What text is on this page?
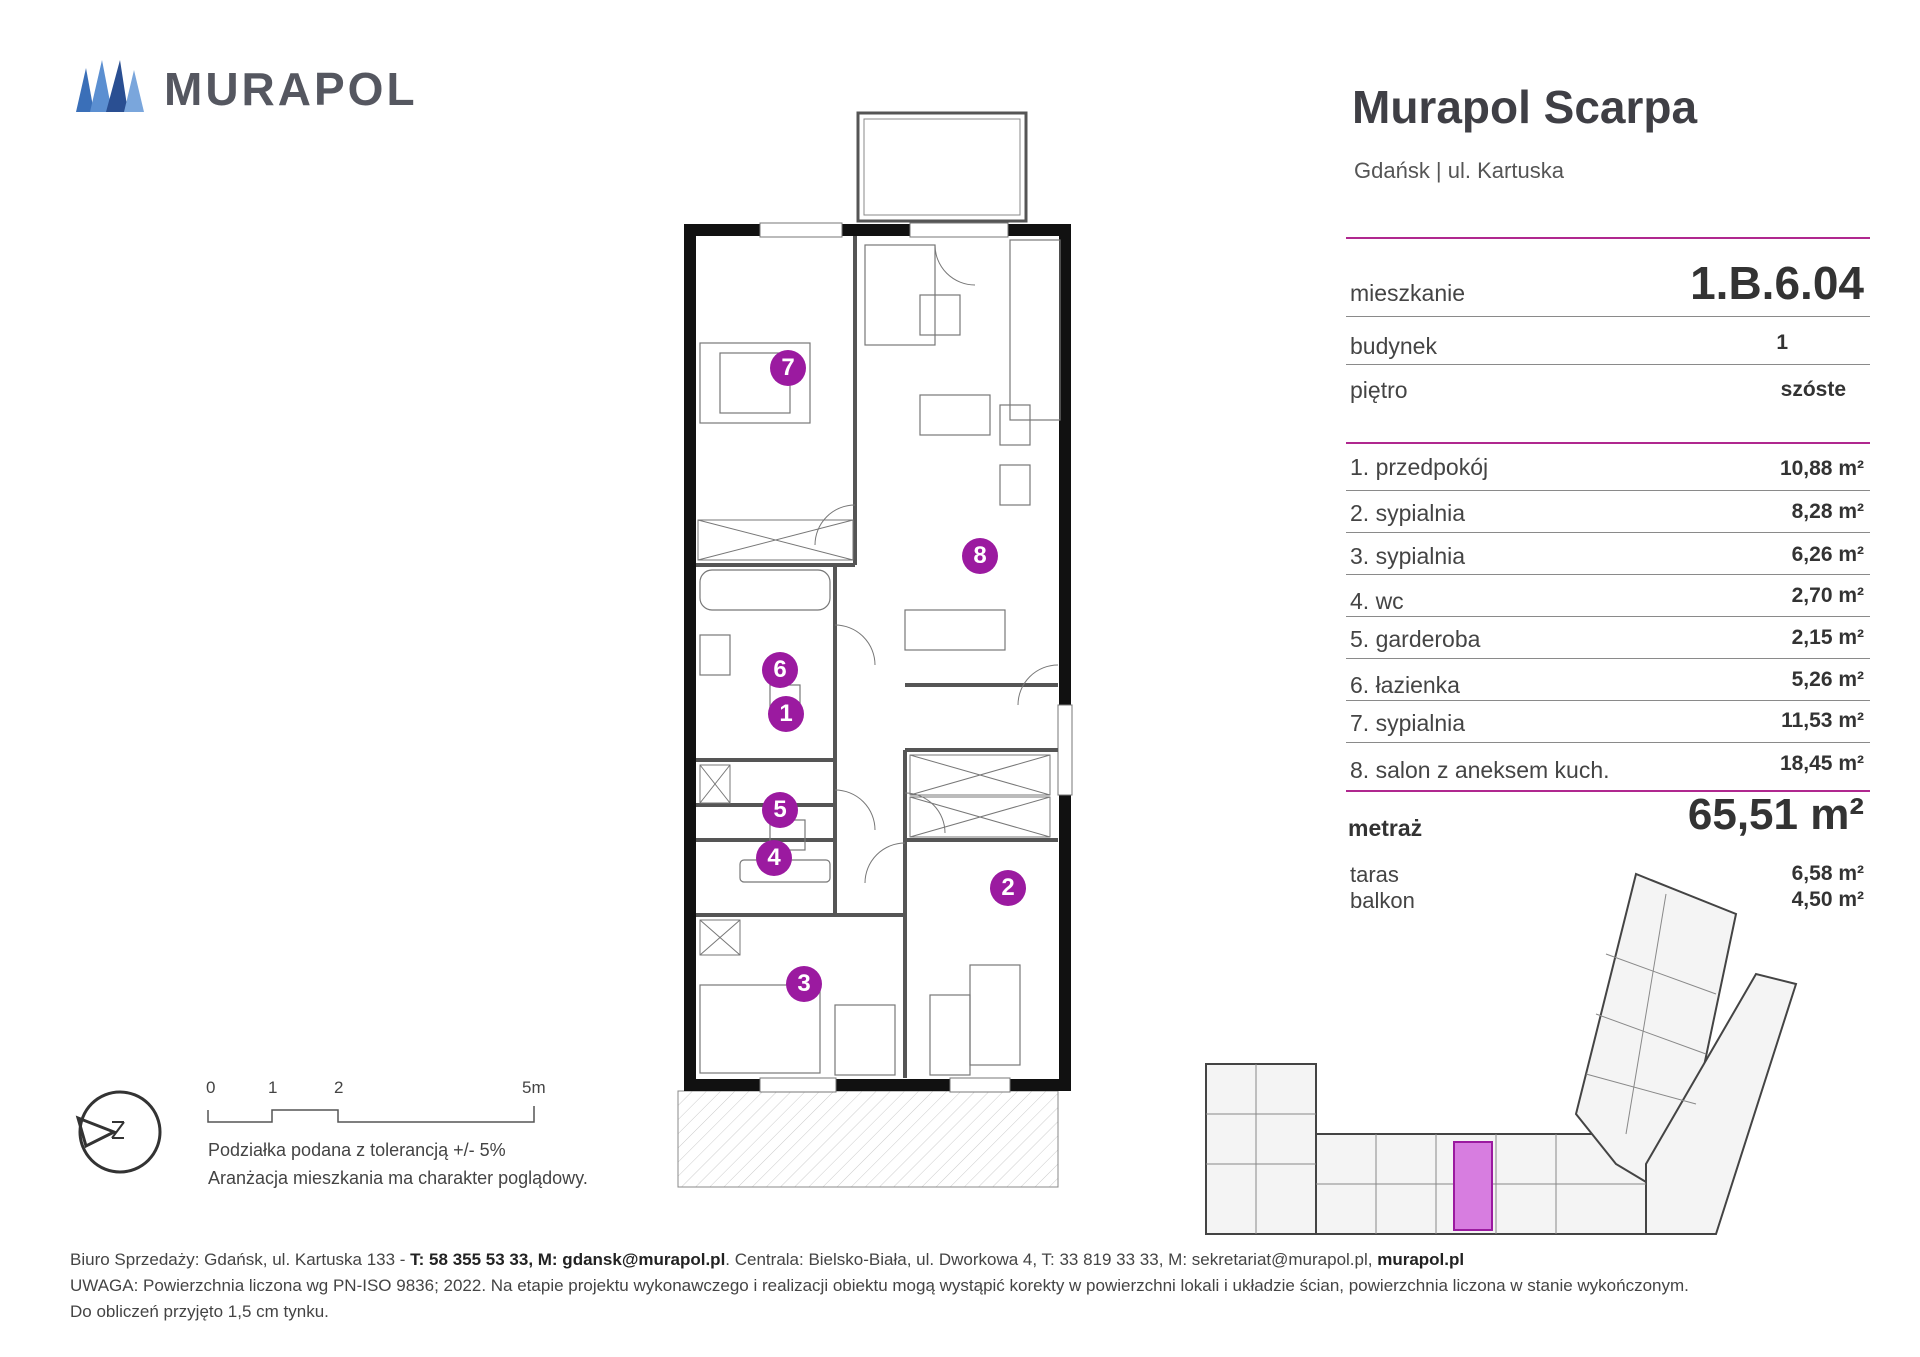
MURAPOL	Murapol Scarpa
Gdańsk | ul. Kartuska
mieszkanie	1.B.6.04
budynek	1
piętro	szóste
1. przedpokój	10,88 m²
2. sypialnia	8,28 m²
3. sypialnia	6,26 m²
4. wc	2,70 m²
5. garderoba	2,15 m²
6. łazienka	5,26 m²
7. sypialnia	11,53 m²
8. salon z aneksem kuch.	18,45 m²
metraż	65,51 m²
taras	6,58 m²
balkon	4,50 m²
1
2
3
4
5
6
7
8
0	1	2	5m
Podziałka podana z tolerancją +/- 5%
Aranżacja mieszkania ma charakter poglądowy.
Biuro Sprzedaży: Gdańsk, ul. Kartuska 133 - T: 58 355 53 33, M: gdansk@murapol.pl. Centrala: Bielsko-Biała, ul. Dworkowa 4, T: 33 819 33 33, M: sekretariat@murapol.pl, murapol.pl
UWAGA: Powierzchnia liczona wg PN-ISO 9836; 2022. Na etapie projektu wykonawczego i realizacji obiektu mogą wystąpić korekty w powierzchni lokali i układzie ścian, powierzchnia liczona w stanie wykończonym.
Do obliczeń przyjęto 1,5 cm tynku.
